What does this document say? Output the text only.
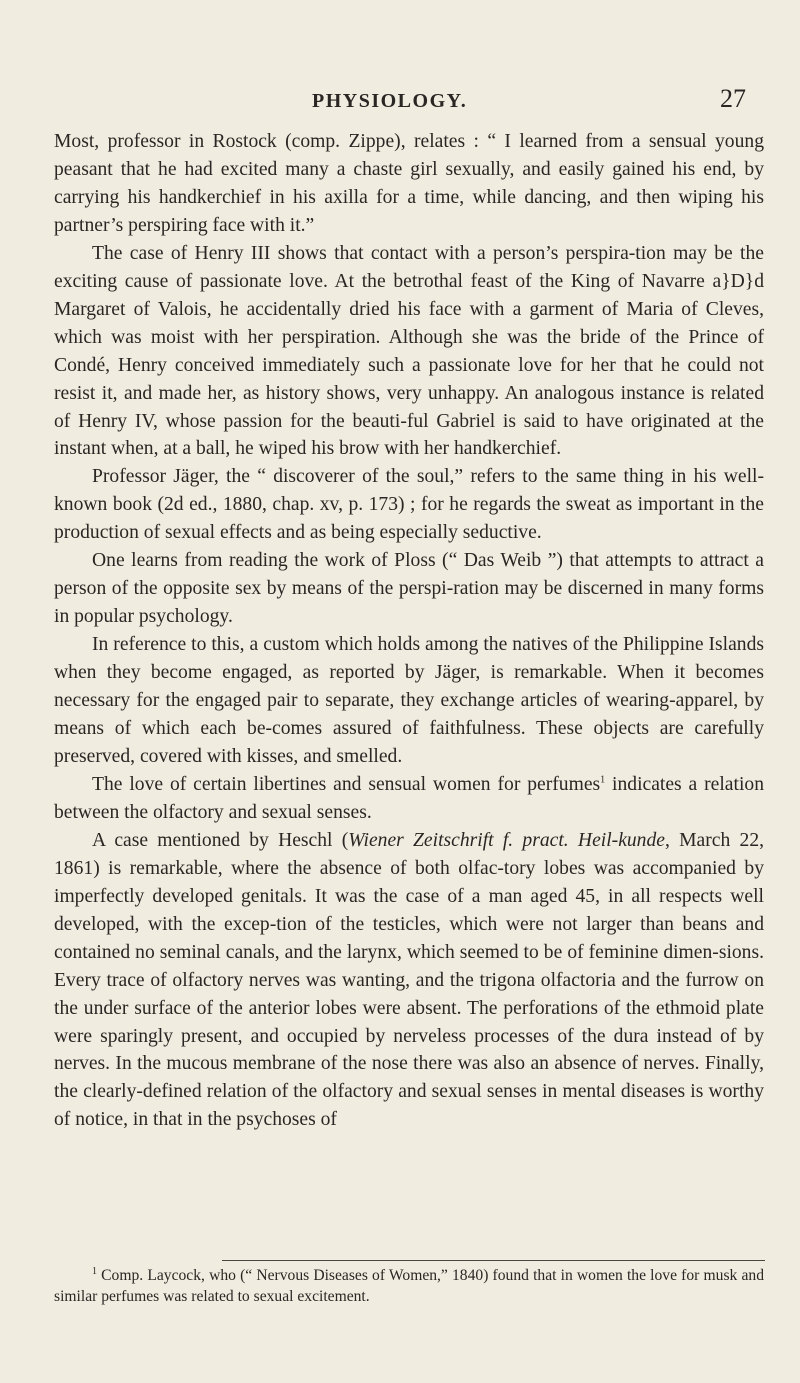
PHYSIOLOGY.	27

Most, professor in Rostock (comp. Zippe), relates : “ I learned from a sensual young peasant that he had excited many a chaste girl sexually, and easily gained his end, by carrying his handkerchief in his axilla for a time, while dancing, and then wiping his partner’s perspiring face with it.”

The case of Henry III shows that contact with a person’s perspira-tion may be the exciting cause of passionate love. At the betrothal feast of the King of Navarre a}D}d Margaret of Valois, he accidentally dried his face with a garment of Maria of Cleves, which was moist with her perspiration. Although she was the bride of the Prince of Condé, Henry conceived immediately such a passionate love for her that he could not resist it, and made her, as history shows, very unhappy. An analogous instance is related of Henry IV, whose passion for the beauti-ful Gabriel is said to have originated at the instant when, at a ball, he wiped his brow with her handkerchief.

Professor Jäger, the “ discoverer of the soul,” refers to the same thing in his well-known book (2d ed., 1880, chap. xv, p. 173) ; for he regards the sweat as important in the production of sexual effects and as being especially seductive.

One learns from reading the work of Ploss (“ Das Weib ”) that attempts to attract a person of the opposite sex by means of the perspi-ration may be discerned in many forms in popular psychology.

In reference to this, a custom which holds among the natives of the Philippine Islands when they become engaged, as reported by Jäger, is remarkable. When it becomes necessary for the engaged pair to separate, they exchange articles of wearing-apparel, by means of which each be-comes assured of faithfulness. These objects are carefully preserved, covered with kisses, and smelled.

The love of certain libertines and sensual women for perfumes$^1$ indicates a relation between the olfactory and sexual senses.

A case mentioned by Heschl (Wiener Zeitschrift f. pract. Heil-kunde, March 22, 1861) is remarkable, where the absence of both olfac-tory lobes was accompanied by imperfectly developed genitals. It was the case of a man aged 45, in all respects well developed, with the excep-tion of the testicles, which were not larger than beans and contained no seminal canals, and the larynx, which seemed to be of feminine dimen-sions. Every trace of olfactory nerves was wanting, and the trigona olfactoria and the furrow on the under surface of the anterior lobes were absent. The perforations of the ethmoid plate were sparingly present, and occupied by nerveless processes of the dura instead of by nerves. In the mucous membrane of the nose there was also an absence of nerves. Finally, the clearly-defined relation of the olfactory and sexual senses in mental diseases is worthy of notice, in that in the psychoses of

$^1$ Comp. Laycock, who (“ Nervous Diseases of Women,” 1840) found that in women the love for musk and similar perfumes was related to sexual excitement.
